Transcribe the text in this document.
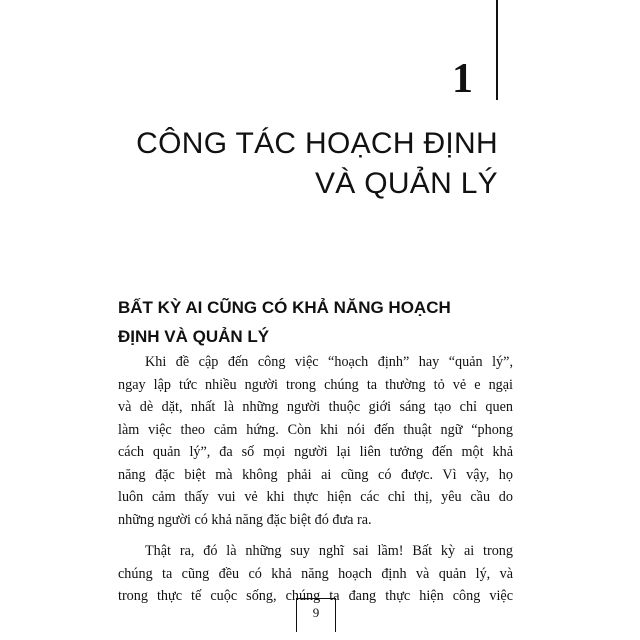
1
CÔNG TÁC HOẠCH ĐỊNH
VÀ QUẢN LÝ
BẤT KỲ AI CŨNG CÓ KHẢ NĂNG HOẠCH
ĐỊNH VÀ QUẢN LÝ
Khi đề cập đến công việc “hoạch định” hay “quản lý”,
ngay lập tức nhiều người trong chúng ta thường tỏ vẻ e ngại
và dè dặt, nhất là những người thuộc giới sáng tạo chỉ quen
làm việc theo cảm hứng. Còn khi nói đến thuật ngữ “phong
cách quản lý”, đa số mọi người lại liên tưởng đến một khả
năng đặc biệt mà không phải ai cũng có được. Vì vậy, họ
luôn cảm thấy vui vẻ khi thực hiện các chỉ thị, yêu cầu do
những người có khả năng đặc biệt đó đưa ra.
Thật ra, đó là những suy nghĩ sai lầm! Bất kỳ ai trong
chúng ta cũng đều có khả năng hoạch định và quản lý, và
trong thực tế cuộc sống, chúng ta đang thực hiện công việc
9
